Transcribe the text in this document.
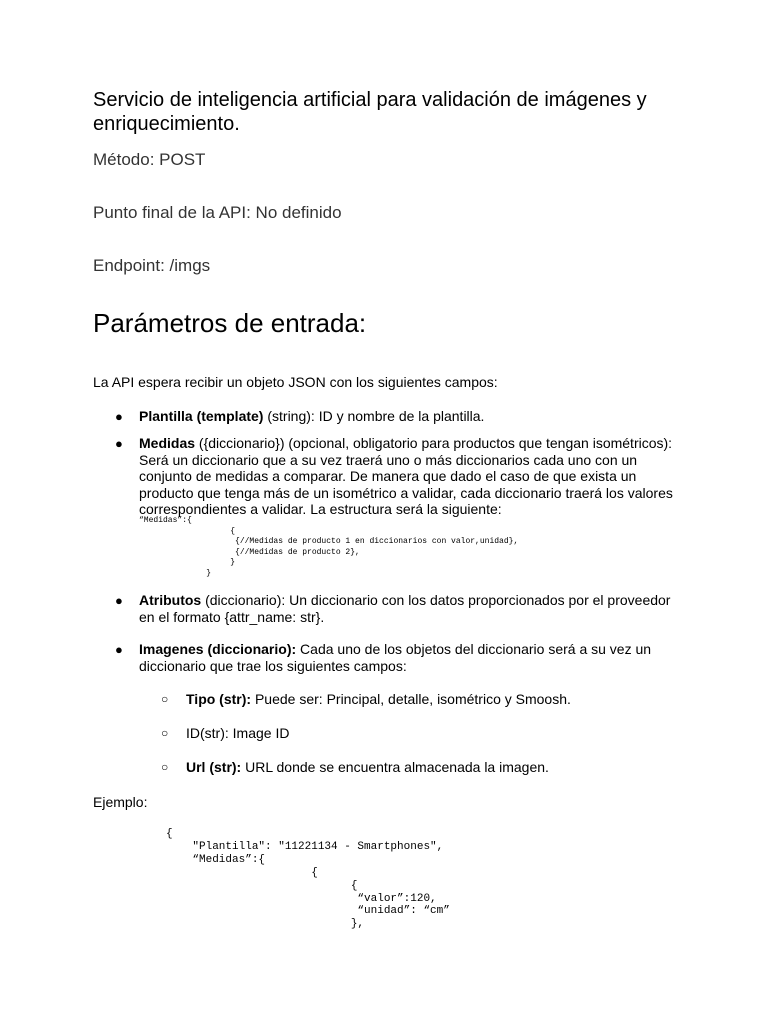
Servicio de inteligencia artificial para validación de imágenes y enriquecimiento.

Método: POST

Punto final de la API: No definido

Endpoint: /imgs

Parámetros de entrada:

La API espera recibir un objeto JSON con los siguientes campos:

●	Plantilla (template) (string): ID y nombre de la plantilla.

●	Medidas ({diccionario}) (opcional, obligatorio para productos que tengan isométricos): Será un diccionario que a su vez traerá uno o más diccionarios cada uno con un conjunto de medidas a comparar. De manera que dado el caso de que exista un producto que tenga más de un isométrico a validar, cada diccionario traerá los valores correspondientes a validar. La estructura será la siguiente:

“Medidas”:{
{
{//Medidas de producto 1 en diccionarios con valor,unidad},
{//Medidas de producto 2},
}
}
●	Atributos (diccionario): Un diccionario con los datos proporcionados por el proveedor en el formato {attr_name: str}.

●	Imagenes (diccionario): Cada uno de los objetos del diccionario será a su vez un diccionario que trae los siguientes campos:

○	Tipo (str): Puede ser: Principal, detalle, isométrico y Smoosh.

○	ID(str): Image ID

○	Url (str): URL donde se encuentra almacenada la imagen.

Ejemplo:

{
"Plantilla": "11221134 - Smartphones",
“Medidas”:{
{
{
“valor”:120,
“unidad”: “cm”
},
